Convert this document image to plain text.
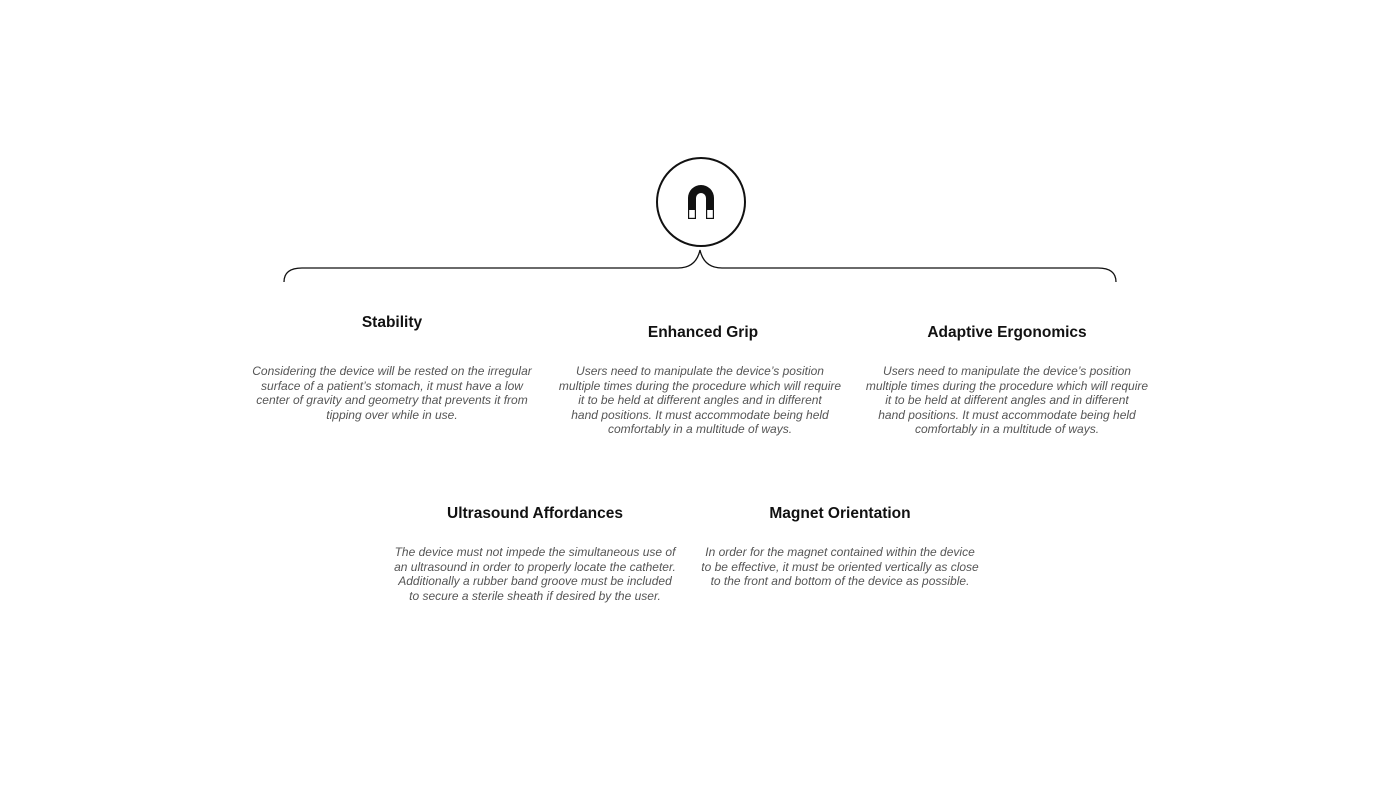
Stability

Considering the device will be rested on the irregular
surface of a patient’s stomach, it must have a low
center of gravity and geometry that prevents it from
tipping over while in use.

Enhanced Grip

Users need to manipulate the device’s position
multiple times during the procedure which will require
it to be held at different angles and in different
hand positions. It must accommodate being held
comfortably in a multitude of ways.

Adaptive Ergonomics

Users need to manipulate the device’s position
multiple times during the procedure which will require
it to be held at different angles and in different
hand positions. It must accommodate being held
comfortably in a multitude of ways.

Ultrasound Affordances

The device must not impede the simultaneous use of
an ultrasound in order to properly locate the catheter.
Additionally a rubber band groove must be included
to secure a sterile sheath if desired by the user.

Magnet Orientation

In order for the magnet contained within the device
to be effective, it must be oriented vertically as close
to the front and bottom of the device as possible.
